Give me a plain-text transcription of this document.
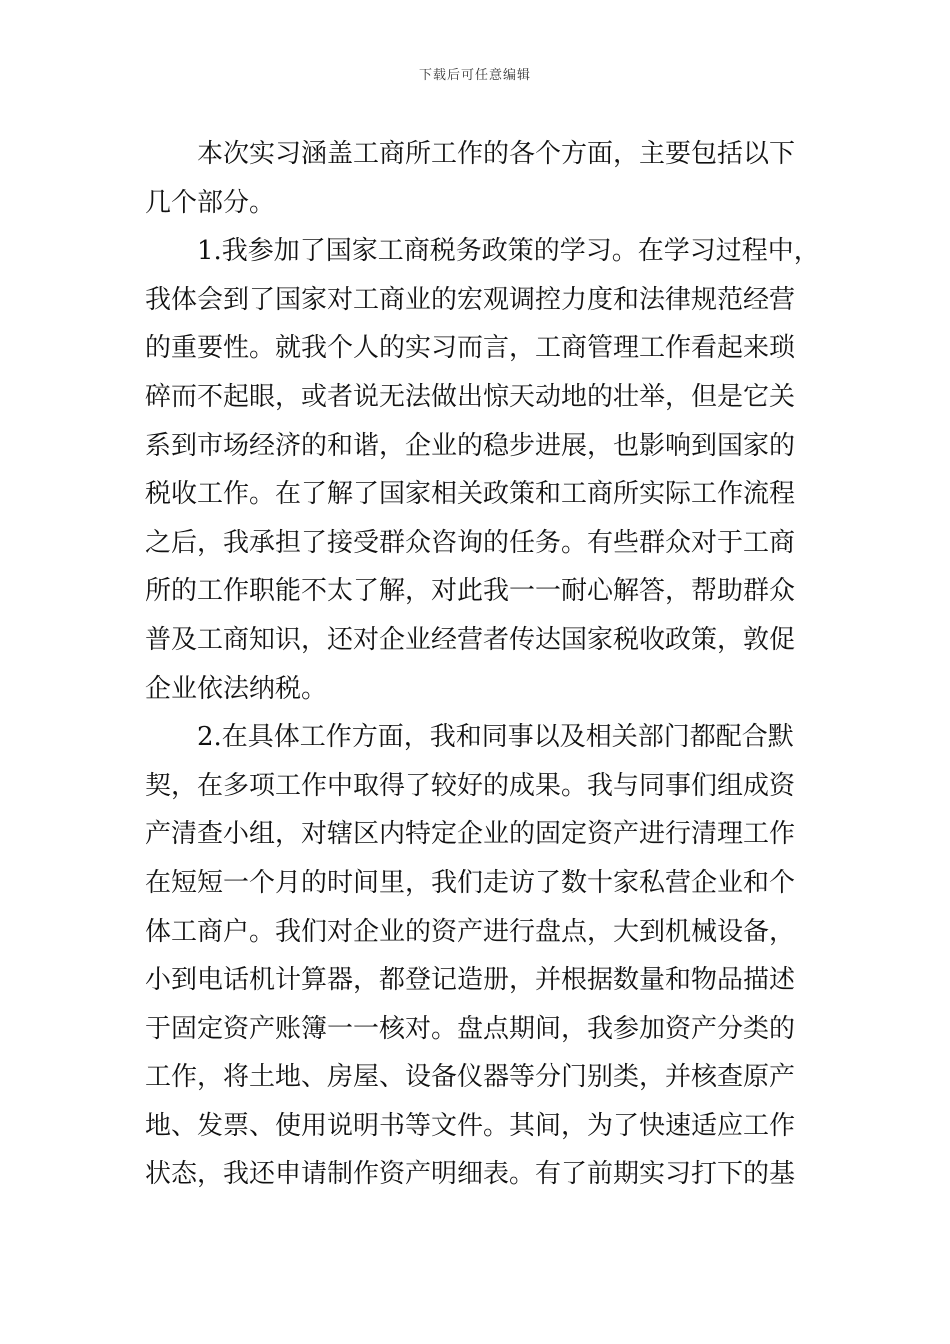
下载后可任意编辑
本次实习涵盖工商所工作的各个方面，主要包括以下
几个部分。
1.我参加了国家工商税务政策的学习。在学习过程中，
我体会到了国家对工商业的宏观调控力度和法律规范经营
的重要性。就我个人的实习而言，工商管理工作看起来琐
碎而不起眼，或者说无法做出惊天动地的壮举，但是它关
系到市场经济的和谐，企业的稳步进展，也影响到国家的
税收工作。在了解了国家相关政策和工商所实际工作流程
之后，我承担了接受群众咨询的任务。有些群众对于工商
所的工作职能不太了解，对此我一一耐心解答，帮助群众
普及工商知识，还对企业经营者传达国家税收政策，敦促
企业依法纳税。
2.在具体工作方面，我和同事以及相关部门都配合默
契，在多项工作中取得了较好的成果。我与同事们组成资
产清查小组，对辖区内特定企业的固定资产进行清理工作
在短短一个月的时间里，我们走访了数十家私营企业和个
体工商户。我们对企业的资产进行盘点，大到机械设备，
小到电话机计算器，都登记造册，并根据数量和物品描述
于固定资产账簿一一核对。盘点期间，我参加资产分类的
工作，将土地、房屋、设备仪器等分门别类，并核查原产
地、发票、使用说明书等文件。其间，为了快速适应工作
状态，我还申请制作资产明细表。有了前期实习打下的基
